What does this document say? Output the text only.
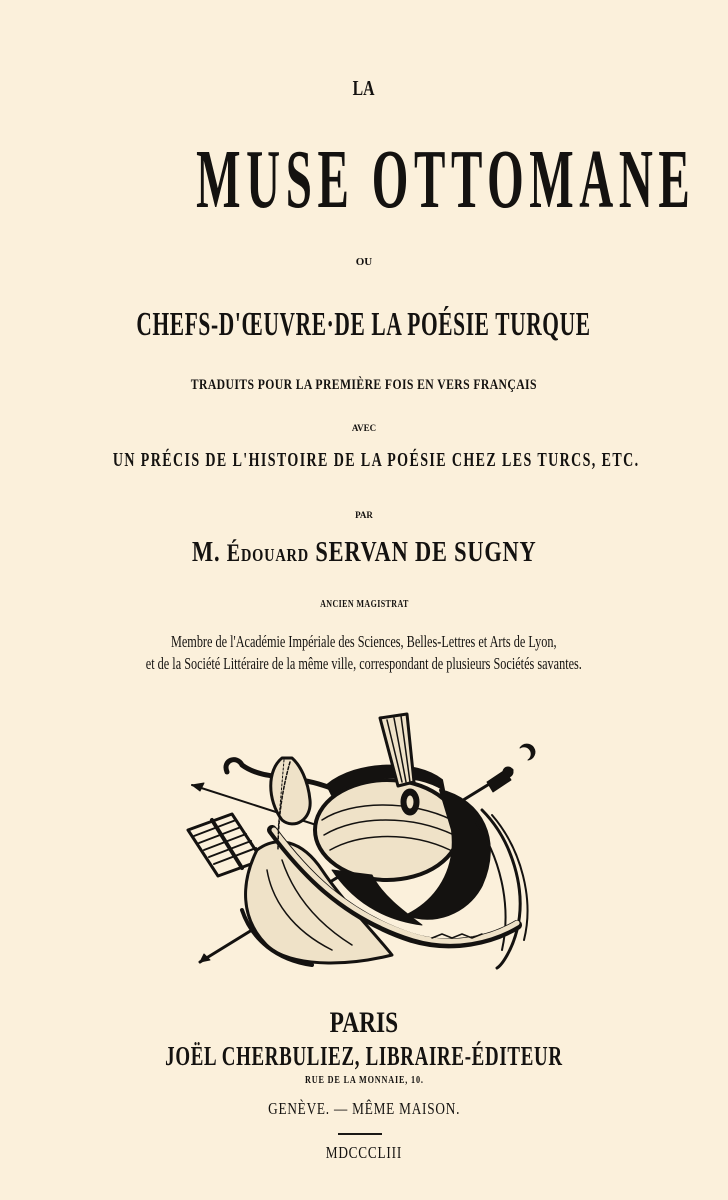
LA
MUSE OTTOMANE
OU
CHEFS-D'ŒUVRE·DE LA POÉSIE TURQUE
TRADUITS POUR LA PREMIÈRE FOIS EN VERS FRANÇAIS
AVEC
UN PRÉCIS DE L'HISTOIRE DE LA POÉSIE CHEZ LES TURCS, ETC.
PAR
M. Édouard SERVAN DE SUGNY
ANCIEN MAGISTRAT
Membre de l'Académie Impériale des Sciences, Belles-Lettres et Arts de Lyon,
et de la Société Littéraire de la même ville, correspondant de plusieurs Sociétés savantes.
PARIS
JOËL CHERBULIEZ, LIBRAIRE-ÉDITEUR
RUE DE LA MONNAIE, 10.
GENÈVE. — MÊME MAISON.
MDCCCLIII
